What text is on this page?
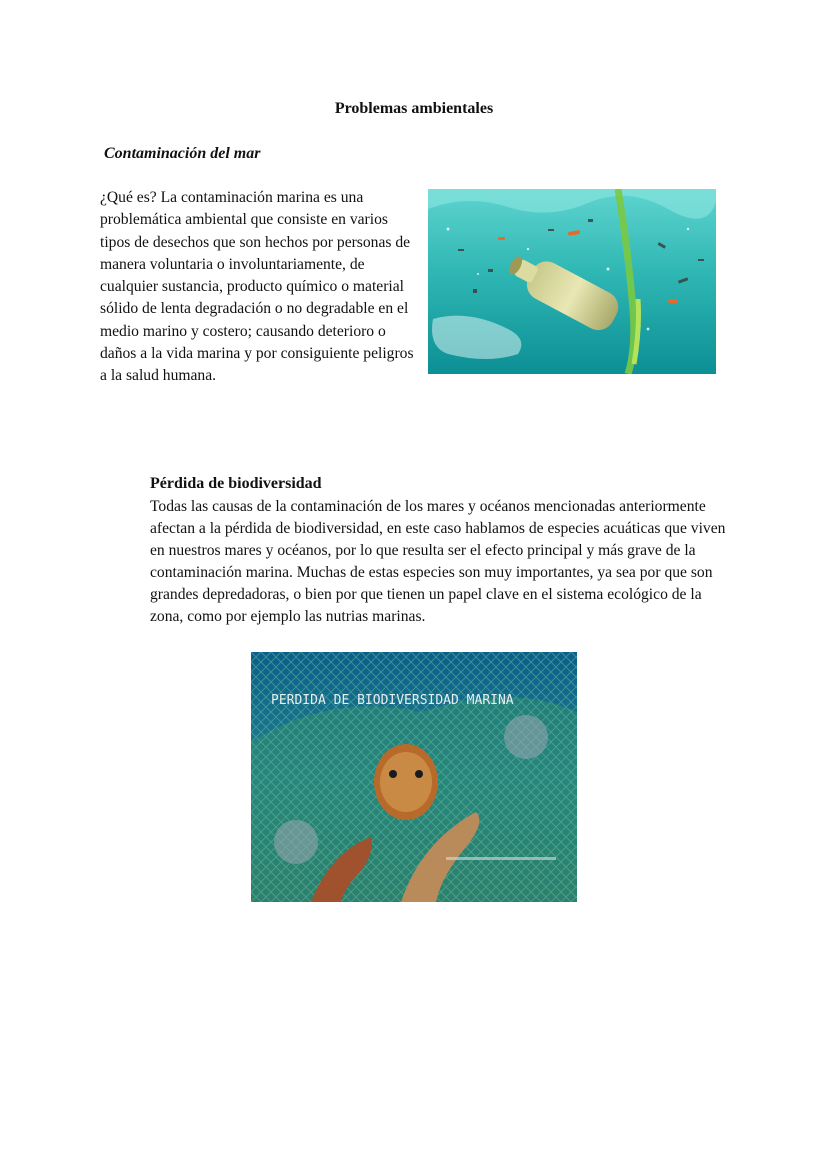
Problemas ambientales
Contaminación del mar

¿Qué es? La contaminación marina es una problemática ambiental que consiste en varios tipos de desechos que son hechos por personas de manera voluntaria o involuntariamente, de cualquier sustancia, producto químico o material sólido de lenta degradación o no degradable en el medio marino y costero; causando deterioro o daños a la vida marina y por consiguiente peligros a la salud humana.

Pérdida de biodiversidad

Todas las causas de la contaminación de los mares y océanos mencionadas anteriormente afectan a la pérdida de biodiversidad, en este caso hablamos de especies acuáticas que viven en nuestros mares y océanos, por lo que resulta ser el efecto principal y más grave de la contaminación marina. Muchas de estas especies son muy importantes, ya sea por que son grandes depredadoras, o bien por que tienen un papel clave en el sistema ecológico de la zona, como por ejemplo las nutrias marinas.

PERDIDA DE BIODIVERSIDAD MARINA
